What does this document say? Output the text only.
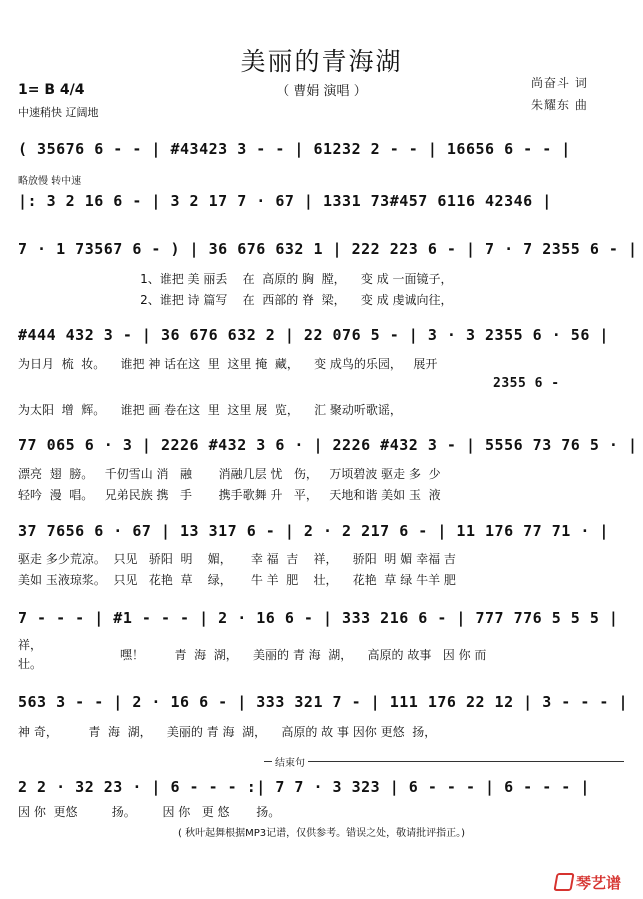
美丽的青海湖
（ 曹娟 演唱 ）
1= B 4/4
中速稍快 辽阔地
尚奋斗 词
朱耀东 曲
( 35676 6 - - | #43423 3 - - | 61232 2 - - | 16656 6 - - |
略放慢 转中速
|: 3 2 16 6 - | 3 2 17 7 · 67 | 1331 73#457 6116 42346 |
7 · 1 73567 6 - ) | 36 676 632 1 | 222 223 6 - | 7 · 7 2355 6 - |
1、谁把 美 丽丢    在  高原的 胸  膛，    变 成 一面镜子，
2、谁把 诗 篇写    在  西部的 脊  梁，    变 成 虔诚向往，
#444 432 3 - | 36 676 632 2 | 22 076 5 - | 3 · 3 2355 6 · 56 |
为日月  梳  妆。    谁把 神 话在这  里  这里 掩  藏，    变 成鸟的乐园，   展开
2355 6 -
为太阳  增  辉。    谁把 画 卷在这  里  这里 展  览，    汇 聚动听歌谣，
77 065 6 · 3 | 2226 #432 3 6 · | 2226 #432 3 - | 5556 73 76 5 · |
漂亮  翅  膀。   千仞雪山 消   融       消融几层 忧   伤，   万顷碧波 驱走 多  少
轻吟  漫  唱。   兄弟民族 携   手       携手歌舞 升   平，   天地和谐 美如 玉  液
37 7656 6 · 67 | 13 317 6 - | 2 · 2 217 6 - | 11 176 77 71 · |
驱走 多少荒凉。  只见   骄阳  明    媚，     幸 福  吉    祥，    骄阳  明 媚 幸福 吉
美如 玉液琼浆。  只见   花艳  草    绿，     牛 羊  肥    壮，    花艳  草 绿 牛羊 肥
7 - - - | #1 - - - | 2 · 16 6 - | 333 216 6 - | 777 776 5 5 5 |
祥，
壮。
嘿！        青  海  湖，    美丽的 青 海  湖，    高原的 故事   因 你 而
563 3 - - | 2 · 16 6 - | 333 321 7 - | 111 176 22 12 | 3 - - - |
神 奇，        青  海  湖，    美丽的 青 海  湖，    高原的 故 事 因你 更悠  扬，
结束句
2 2 · 32 23 · | 6 - - - :| 7 7 · 3 323 | 6 - - - | 6 - - - |
因 你  更悠         扬。       因 你   更 悠       扬。
( 秋叶起舞根据MP3记谱，仅供参考。错误之处，敬请批评指正。)
琴艺谱
